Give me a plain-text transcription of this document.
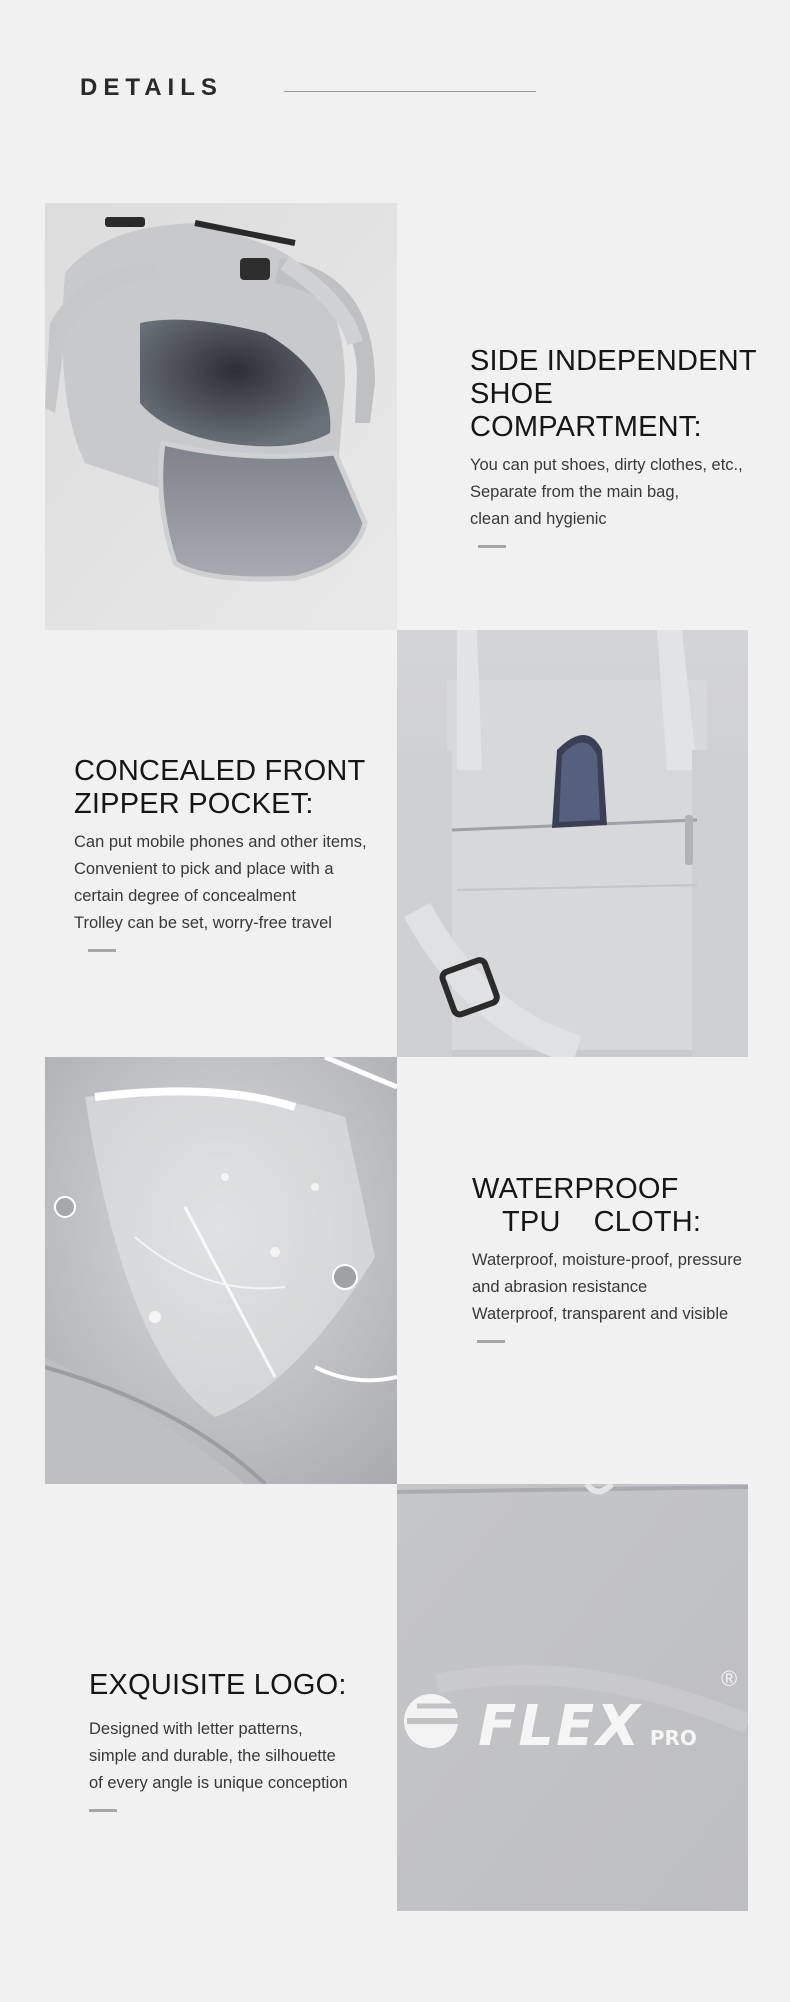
DETAILS
SIDE INDEPENDENT
SHOE COMPARTMENT:
You can put shoes, dirty clothes, etc.,
Separate from the main bag,
clean and hygienic
CONCEALED FRONT
ZIPPER POCKET:
Can put mobile phones and other items,
Convenient to pick and place with a
certain degree of concealment
Trolley can be set, worry-free travel
WATERPROOF
TPU    CLOTH:
Waterproof, moisture-proof, pressure
and abrasion resistance
Waterproof, transparent and visible
FLEX PRO
®
EXQUISITE LOGO:
Designed with letter patterns,
simple and durable, the silhouette
of every angle is unique conception
